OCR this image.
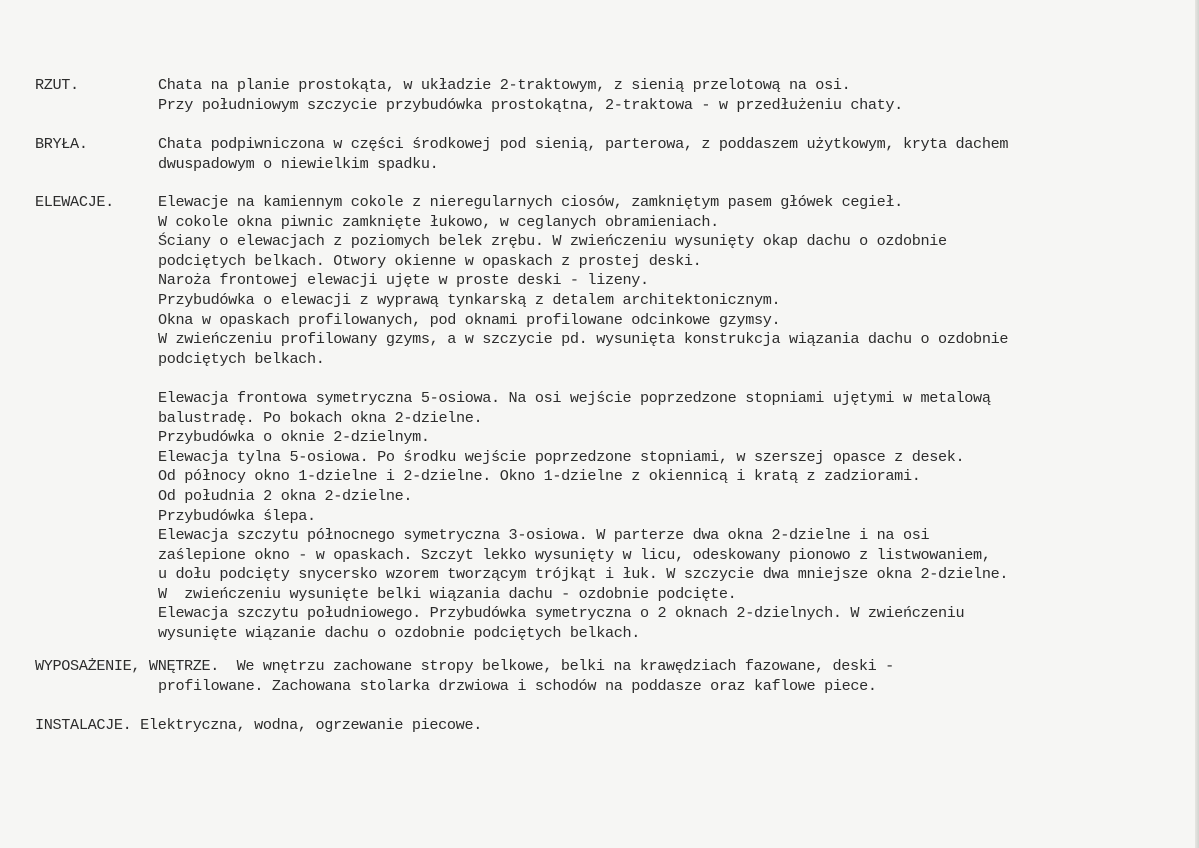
RZUT.	Chata na planie prostokąta, w układzie 2-traktowym, z sienią przelotową na osi.
Przy południowym szczycie przybudówka prostokątna, 2-traktowa - w przedłużeniu chaty.
BRYŁA.	Chata podpiwniczona w części środkowej pod sienią, parterowa, z poddaszem użytkowym, kryta dachem
dwuspadowym o niewielkim spadku.
ELEWACJE.	Elewacje na kamiennym cokole z nieregularnych ciosów, zamkniętym pasem główek cegieł.
W cokole okna piwnic zamknięte łukowo, w ceglanych obramieniach.
Ściany o elewacjach z poziomych belek zrębu. W zwieńczeniu wysunięty okap dachu o ozdobnie
podciętych belkach. Otwory okienne w opaskach z prostej deski.
Naroża frontowej elewacji ujęte w proste deski - lizeny.
Przybudówka o elewacji z wyprawą tynkarską z detalem architektonicznym.
Okna w opaskach profilowanych, pod oknami profilowane odcinkowe gzymsy.
W zwieńczeniu profilowany gzyms, a w szczycie pd. wysunięta konstrukcja wiązania dachu o ozdobnie
podciętych belkach.
Elewacja frontowa symetryczna 5-osiowa. Na osi wejście poprzedzone stopniami ujętymi w metalową
balustradę. Po bokach okna 2-dzielne.
Przybudówka o oknie 2-dzielnym.
Elewacja tylna 5-osiowa. Po środku wejście poprzedzone stopniami, w szerszej opasce z desek.
Od północy okno 1-dzielne i 2-dzielne. Okno 1-dzielne z okiennicą i kratą z zadziorami.
Od południa 2 okna 2-dzielne.
Przybudówka ślepa.
Elewacja szczytu północnego symetryczna 3-osiowa. W parterze dwa okna 2-dzielne i na osi
zaślepione okno - w opaskach. Szczyt lekko wysunięty w licu, odeskowany pionowo z listwowaniem,
u dołu podcięty snycersko wzorem tworzącym trójkąt i łuk. W szczycie dwa mniejsze okna 2-dzielne.
W  zwieńczeniu wysunięte belki wiązania dachu - ozdobnie podcięte.
Elewacja szczytu południowego. Przybudówka symetryczna o 2 oknach 2-dzielnych. W zwieńczeniu
wysunięte wiązanie dachu o ozdobnie podciętych belkach.
WYPOSAŻENIE, WNĘTRZE. We wnętrzu zachowane stropy belkowe, belki na krawędziach fazowane, deski -
profilowane. Zachowana stolarka drzwiowa i schodów na poddasze oraz kaflowe piece.
INSTALACJE. Elektryczna, wodna, ogrzewanie piecowe.
